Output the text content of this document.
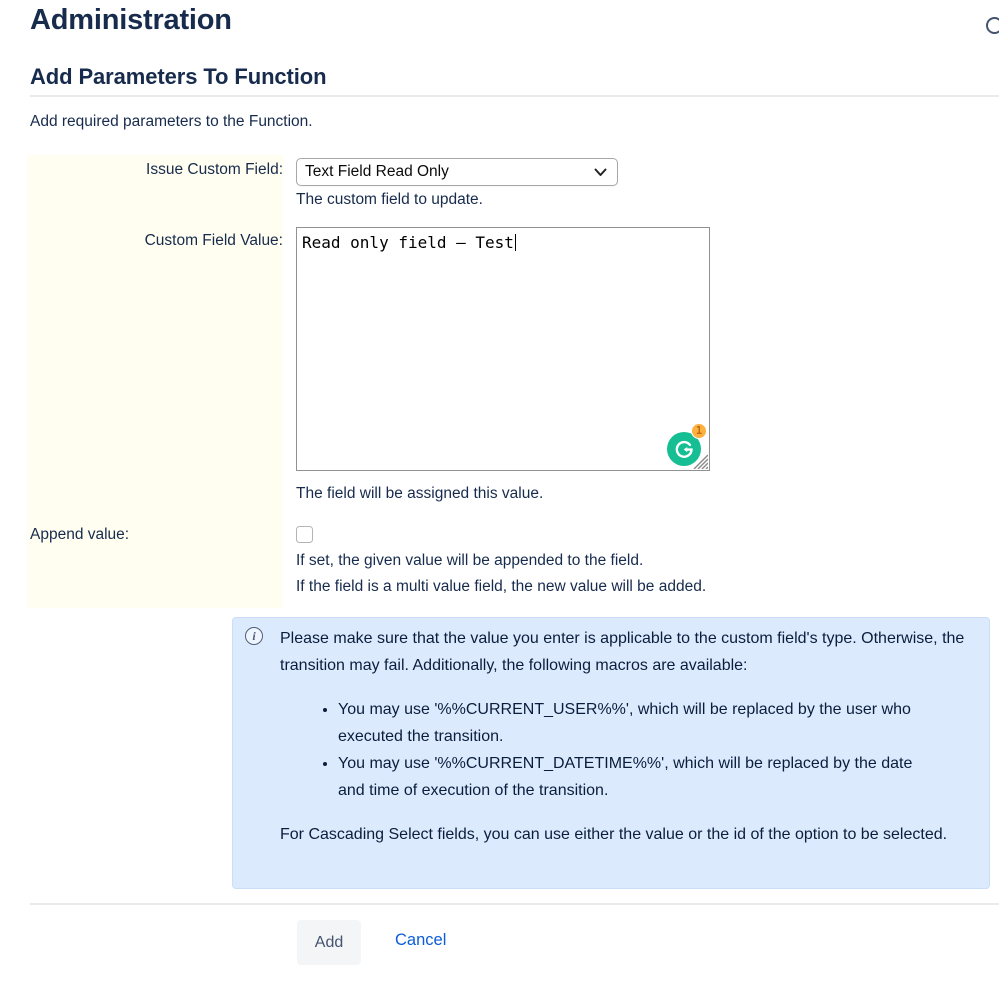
Administration
Add Parameters To Function
Add required parameters to the Function.
Issue Custom Field: Text Field Read Only
The custom field to update.
Custom Field Value:	Read only field – Test
1
The field will be assigned this value.
Append value:
If set, the given value will be appended to the field.
If the field is a multi value field, the new value will be added.
i	Please make sure that the value you enter is applicable to the custom field's type. Otherwise, the transition may fail. Additionally, the following macros are available:

• You may use '%%CURRENT_USER%%', which will be replaced by the user who executed the transition.
• You may use '%%CURRENT_DATETIME%%', which will be replaced by the date and time of execution of the transition.

For Cascading Select fields, you can use either the value or the id of the option to be selected.

Add	Cancel
